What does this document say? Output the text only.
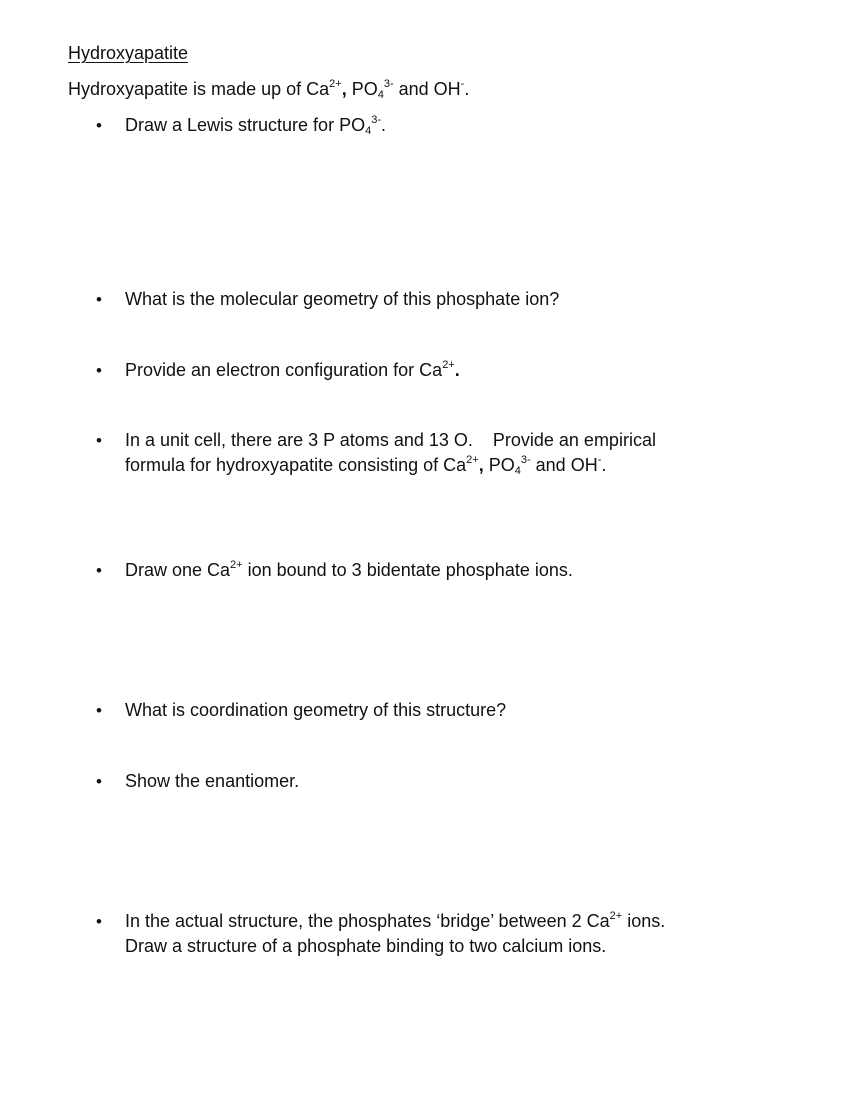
Hydroxyapatite
Hydroxyapatite is made up of $Ca^{2+}$, $PO_4^{3-}$ and OH-.
• Draw a Lewis structure for $PO_4^{3-}$.
• What is the molecular geometry of this phosphate ion?
• Provide an electron configuration for $Ca^{2+}$.
• In a unit cell, there are 3 P atoms and 13 O.    Provide an empirical
formula for hydroxyapatite consisting of $Ca^{2+}$, $PO_4^{3-}$ and OH-.
• Draw one $Ca^{2+}$ ion bound to 3 bidentate phosphate ions.
• What is coordination geometry of this structure?
• Show the enantiomer.
• In the actual structure, the phosphates ‘bridge’ between 2 $Ca^{2+}$ ions.
Draw a structure of a phosphate binding to two calcium ions.
